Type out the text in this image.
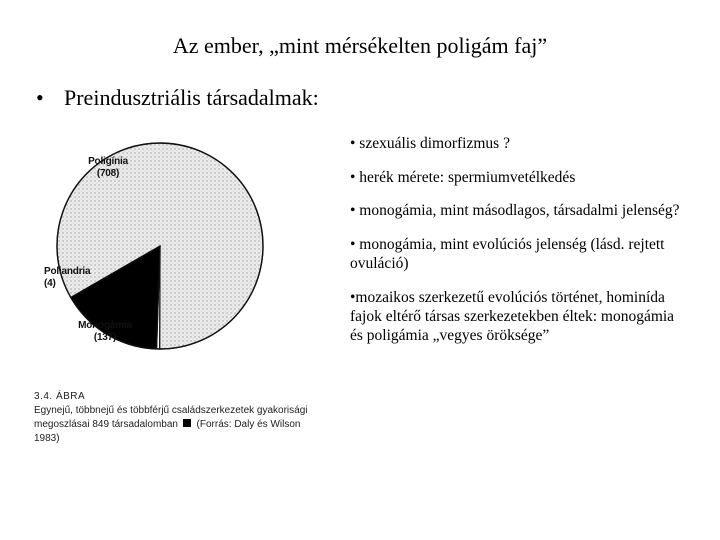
Az ember, „mint mérsékelten poligám faj”
• Preindusztriális társadalmak:
Poligínia
(708)
Poliandria
(4)
Monogámia
(137)
3.4. ÁBRA
Egynejű, többnejű és többférjű családszerkezetek gyakorisági megoszlásai 849 társadalomban (Forrás: Daly és Wilson 1983)
• szexuális dimorfizmus ?
• herék mérete: spermiumvetélkedés
• monogámia, mint másodlagos, társadalmi jelenség?
• monogámia, mint evolúciós jelenség (lásd. rejtett ovuláció)
•mozaikos szerkezetű evolúciós történet, hominída fajok eltérő társas szerkezetekben éltek: monogámia és poligámia „vegyes öröksége”
